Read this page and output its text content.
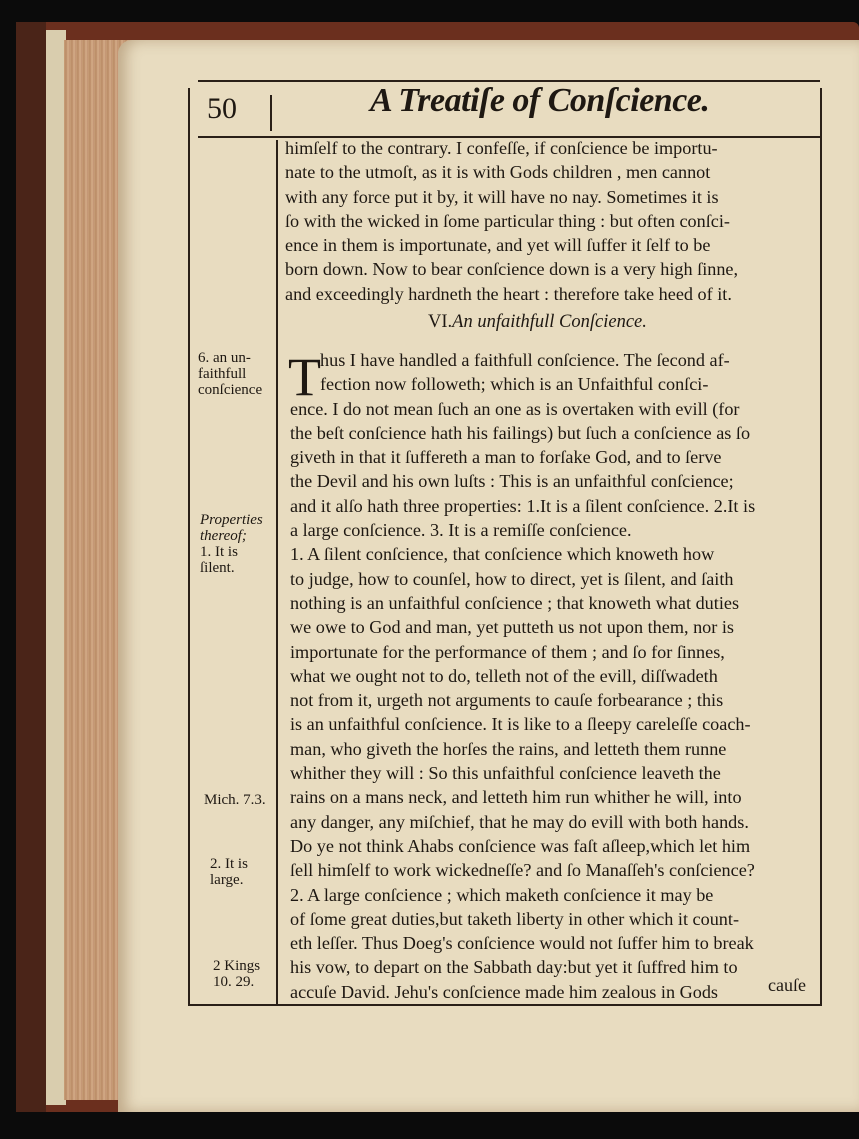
50	A Treatiſe of Conſcience.
himſelf to the contrary. I confeſſe, if conſcience be importu-
nate to the utmoſt, as it is with Gods children , men cannot
with any force put it by, it will have no nay. Sometimes it is
ſo with the wicked in ſome particular thing : but often conſci-
ence in them is importunate, and yet will ſuffer it ſelf to be
born down. Now to bear conſcience down is a very high ſinne,
and exceedingly hardneth the heart : therefore take heed of it.
VI.An unfaithfull Conſcience.
T hus I have handled a faithfull conſcience. The ſecond af-
fection now followeth; which is an Unfaithful conſci-
ence. I do not mean ſuch an one as is overtaken with evill (for
the beſt conſcience hath his failings) but ſuch a conſcience as ſo
giveth in that it ſuffereth a man to forſake God, and to ſerve
the Devil and his own luſts : This is an unfaithful conſcience;
and it alſo hath three properties: 1.It is a ſilent conſcience. 2.It is
a large conſcience. 3. It is a remiſſe conſcience.
1. A ſilent conſcience, that conſcience which knoweth how
to judge, how to counſel, how to direct, yet is ſilent, and ſaith
nothing is an unfaithful conſcience ; that knoweth what duties
we owe to God and man, yet putteth us not upon them, nor is
importunate for the performance of them ; and ſo for ſinnes,
what we ought not to do, telleth not of the evill, diſſwadeth
not from it, urgeth not arguments to cauſe forbearance ; this
is an unfaithful conſcience. It is like to a ſleepy careleſſe coach-
man, who giveth the horſes the rains, and letteth them runne
whither they will : So this unfaithful conſcience leaveth the
rains on a mans neck, and letteth him run whither he will, into
any danger, any miſchief, that he may do evill with both hands.
Do ye not think Ahabs conſcience was faſt aſleep,which let him
ſell himſelf to work wickedneſſe? and ſo Manaſſeh's conſcience?
2. A large conſcience ; which maketh conſcience it may be
of ſome great duties,but taketh liberty in other which it count-
eth leſſer. Thus Doeg's conſcience would not ſuffer him to break
his vow, to depart on the Sabbath day:but yet it ſuffred him to
accuſe David. Jehu's conſcience made him zealous in Gods	cauſe
6. an un-
faithfull
conſcience
Properties
thereof;
1. It is
ſilent.
Mich. 7.3.
2. It is
large.
2 Kings
10. 29.
